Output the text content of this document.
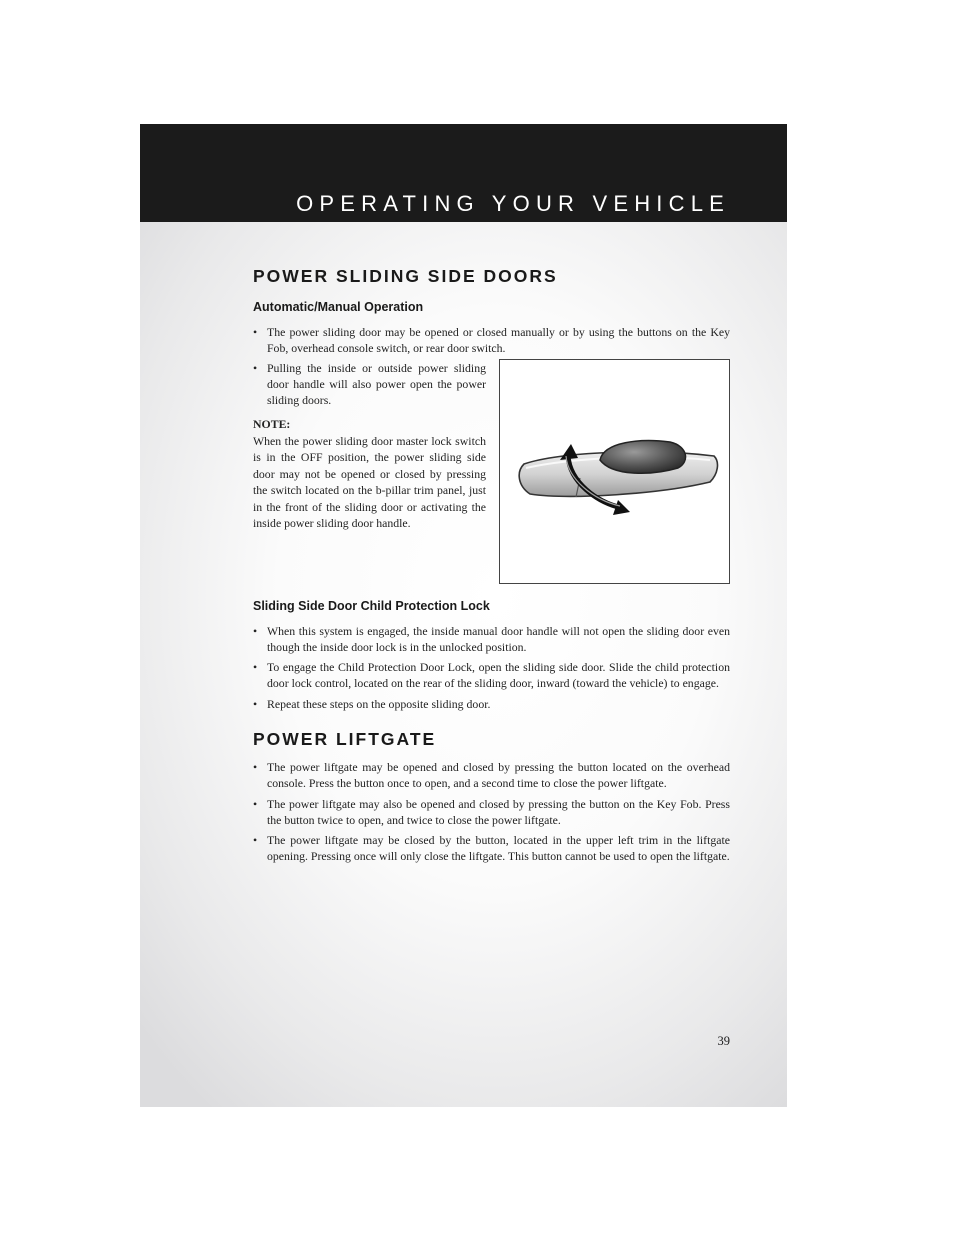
OPERATING YOUR VEHICLE
POWER SLIDING SIDE DOORS
Automatic/Manual Operation
• The power sliding door may be opened or closed manually or by using the buttons on the Key Fob, overhead console switch, or rear door switch.
• Pulling the inside or outside power sliding door handle will also power open the power sliding doors.
NOTE:
When the power sliding door master lock switch is in the OFF position, the power sliding side door may not be opened or closed by pressing the switch located on the b-pillar trim panel, just in the front of the sliding door or activating the inside power sliding door handle.
Sliding Side Door Child Protection Lock
• When this system is engaged, the inside manual door handle will not open the sliding door even though the inside door lock is in the unlocked position.
• To engage the Child Protection Door Lock, open the sliding side door. Slide the child protection door lock control, located on the rear of the sliding door, inward (toward the vehicle) to engage.
• Repeat these steps on the opposite sliding door.
POWER LIFTGATE
• The power liftgate may be opened and closed by pressing the button located on the overhead console. Press the button once to open, and a second time to close the power liftgate.
• The power liftgate may also be opened and closed by pressing the button on the Key Fob. Press the button twice to open, and twice to close the power liftgate.
• The power liftgate may be closed by the button, located in the upper left trim in the liftgate opening. Pressing once will only close the liftgate. This button cannot be used to open the liftgate.
39
